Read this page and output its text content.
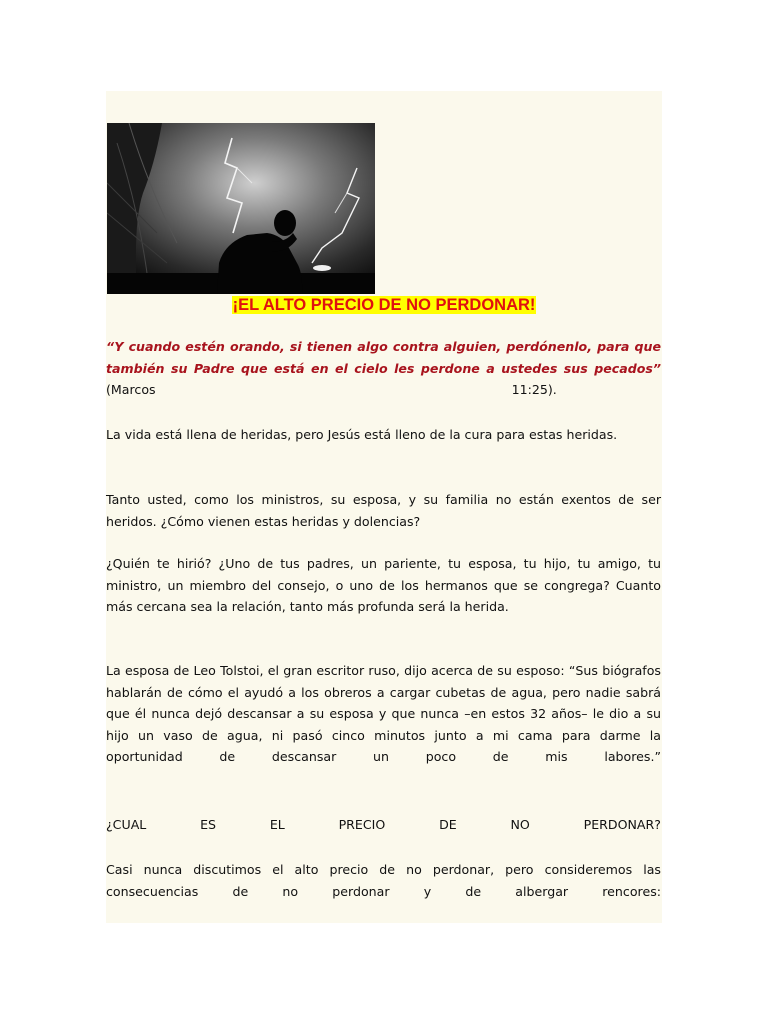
¡EL ALTO PRECIO DE NO PERDONAR!
“Y cuando estén orando, si tienen algo contra alguien, perdónenlo, para que también su Padre que está en el cielo les perdone a ustedes sus pecados” (Marcos	11:25).

La vida está llena de heridas, pero Jesús está lleno de la cura para estas heridas.

Tanto usted, como los ministros, su esposa, y su familia no están exentos de ser heridos. ¿Cómo vienen estas heridas y dolencias?

¿Quién te hirió? ¿Uno de tus padres, un pariente, tu esposa, tu hijo, tu amigo, tu ministro, un miembro del consejo, o uno de los hermanos que se congrega? Cuanto más cercana sea la relación, tanto más profunda será la herida.

La esposa de Leo Tolstoi, el gran escritor ruso, dijo acerca de su esposo: “Sus biógrafos hablarán de cómo el ayudó a los obreros a cargar cubetas de agua, pero nadie sabrá que él nunca dejó descansar a su esposa y que nunca –en estos 32 años– le dio a su hijo un vaso de agua, ni pasó cinco minutos junto a mi cama para darme la oportunidad de descansar un poco de mis labores.”

¿CUAL	ES	EL	PRECIO	DE	NO	PERDONAR?

Casi nunca discutimos el alto precio de no perdonar, pero consideremos las consecuencias de no perdonar y de albergar rencores:
